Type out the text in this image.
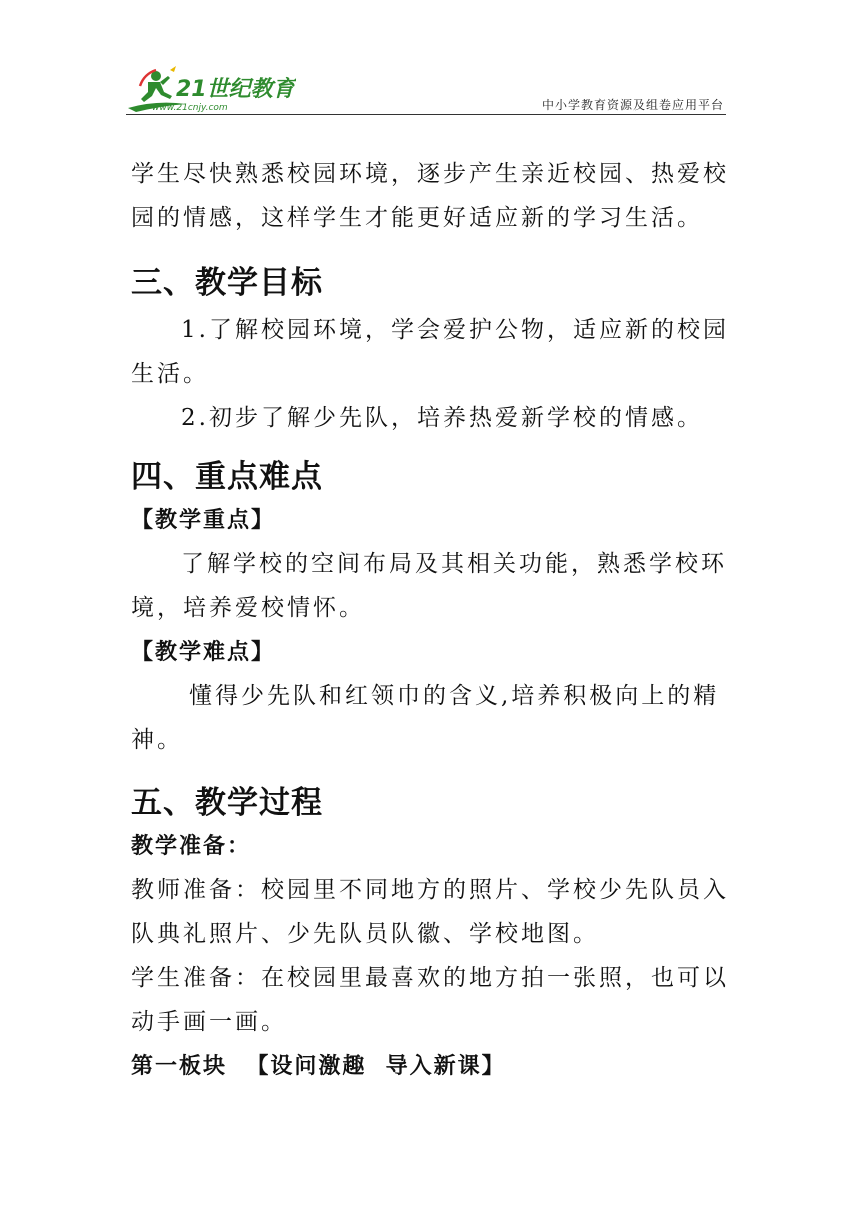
21世纪教育
www.21cnjy.com	中小学教育资源及组卷应用平台

学生尽快熟悉校园环境，逐步产生亲近校园、热爱校

园的情感，这样学生才能更好适应新的学习生活。

三、教学目标

1.了解校园环境，学会爱护公物，适应新的校园

生活。

2.初步了解少先队，培养热爱新学校的情感。

四、重点难点

【教学重点】

了解学校的空间布局及其相关功能，熟悉学校环

境，培养爱校情怀。

【教学难点】

懂得少先队和红领巾的含义,培养积极向上的精

神。

五、教学过程

教学准备：

教师准备：校园里不同地方的照片、学校少先队员入

队典礼照片、少先队员队徽、学校地图。

学生准备：在校园里最喜欢的地方拍一张照，也可以

动手画一画。

第一板块  【设问激趣  导入新课】
